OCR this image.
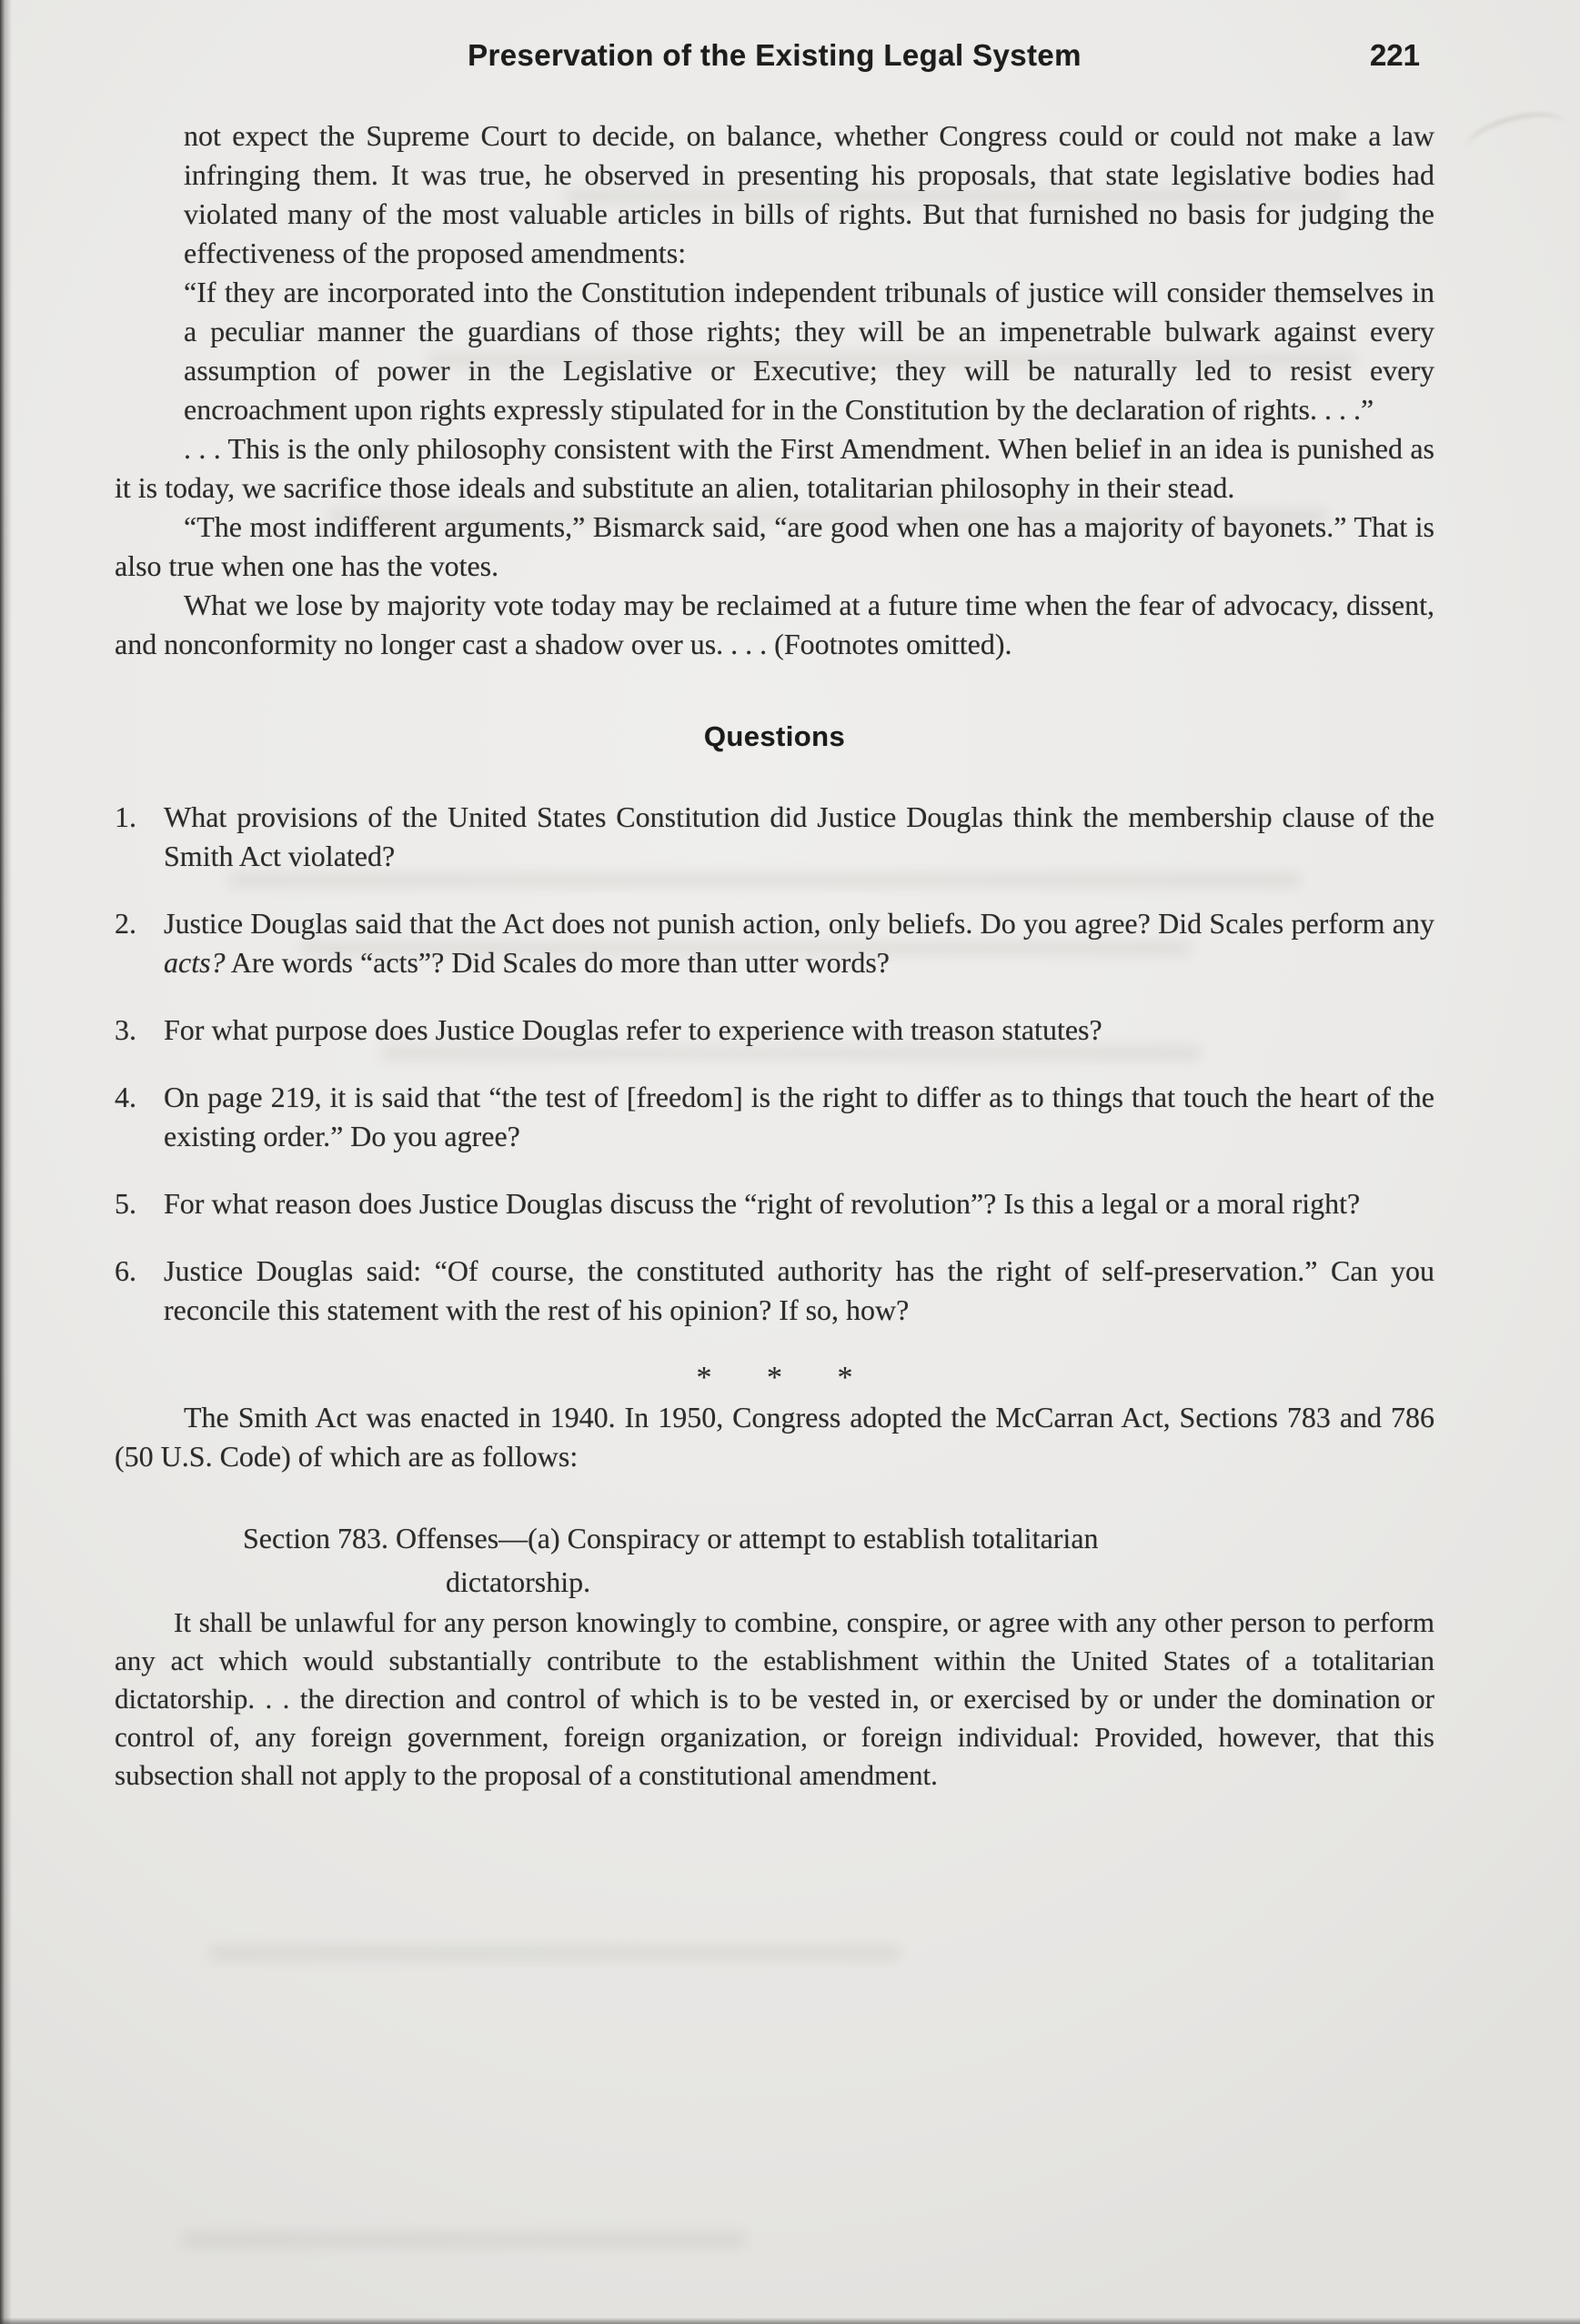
Preservation of the Existing Legal System	221

not expect the Supreme Court to decide, on balance, whether Congress could or could not make a law infringing them. It was true, he observed in presenting his proposals, that state legislative bodies had violated many of the most valuable articles in bills of rights. But that furnished no basis for judging the effectiveness of the proposed amendments:

“If they are incorporated into the Constitution independent tribunals of justice will consider themselves in a peculiar manner the guardians of those rights; they will be an impenetrable bulwark against every assumption of power in the Legislative or Executive; they will be naturally led to resist every encroachment upon rights expressly stipulated for in the Constitution by the declaration of rights. . . .”

. . . This is the only philosophy consistent with the First Amendment. When belief in an idea is punished as it is today, we sacrifice those ideals and substitute an alien, totalitarian philosophy in their stead.

“The most indifferent arguments,” Bismarck said, “are good when one has a majority of bayonets.” That is also true when one has the votes.

What we lose by majority vote today may be reclaimed at a future time when the fear of advocacy, dissent, and nonconformity no longer cast a shadow over us. . . . (Footnotes omitted).

Questions
1. What provisions of the United States Constitution did Justice Douglas think the membership clause of the Smith Act violated?
2. Justice Douglas said that the Act does not punish action, only beliefs. Do you agree? Did Scales perform any acts? Are words “acts”? Did Scales do more than utter words?
3. For what purpose does Justice Douglas refer to experience with treason statutes?
4. On page 219, it is said that “the test of [freedom] is the right to differ as to things that touch the heart of the existing order.” Do you agree?
5. For what reason does Justice Douglas discuss the “right of revolution”? Is this a legal or a moral right?
6. Justice Douglas said: “Of course, the constituted authority has the right of self-preservation.” Can you reconcile this statement with the rest of his opinion? If so, how?
* * *

The Smith Act was enacted in 1940. In 1950, Congress adopted the McCarran Act, Sections 783 and 786 (50 U.S. Code) of which are as follows:

Section 783. Offenses—(a) Conspiracy or attempt to establish totalitarian
dictatorship.

It shall be unlawful for any person knowingly to combine, conspire, or agree with any other person to perform any act which would substantially contribute to the establishment within the United States of a totalitarian dictatorship. . . the direction and control of which is to be vested in, or exercised by or under the domination or control of, any foreign government, foreign organization, or foreign individual: Provided, however, that this subsection shall not apply to the proposal of a constitutional amendment.
